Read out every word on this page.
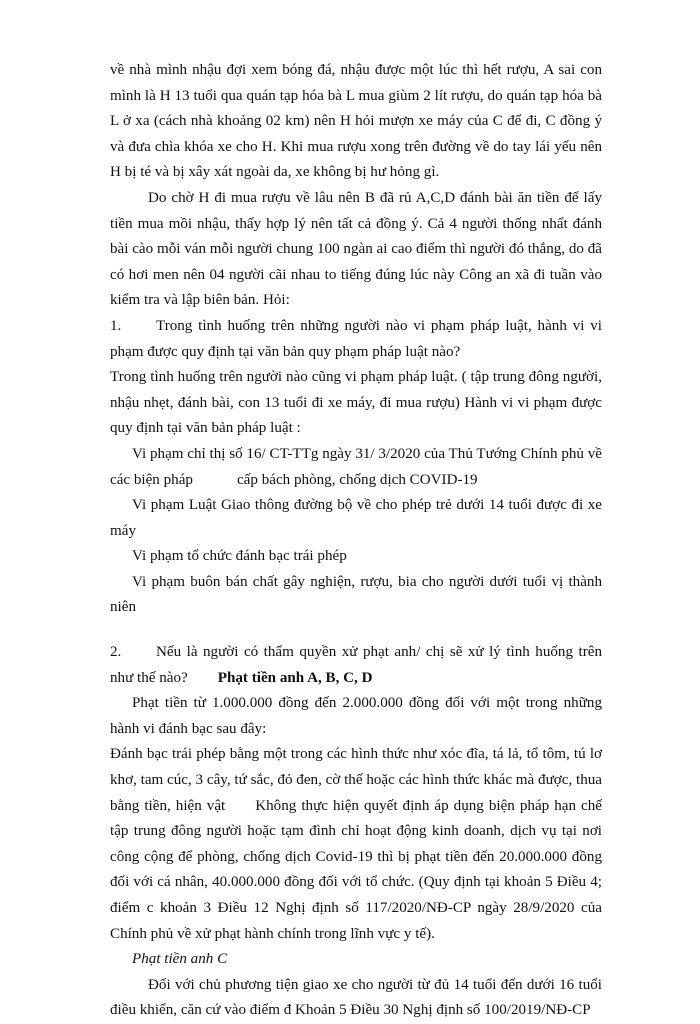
về nhà mình nhậu đợi xem bóng đá, nhậu được một lúc thì hết rượu, A sai con mình là H 13 tuổi qua quán tạp hóa bà L mua giùm 2 lít rượu, do quán tạp hóa bà L ở xa (cách nhà khoảng 02 km) nên H hỏi mượn xe máy của C để đi, C đồng ý và đưa chìa khóa xe cho H. Khi mua rượu xong trên đường về do tay lái yếu nên H bị té và bị xây xát ngoài da, xe không bị hư hỏng gì.

Do chờ H đi mua rượu về lâu nên B đã rủ A,C,D đánh bài ăn tiền để lấy tiền mua mồi nhậu, thấy hợp lý nên tất cả đồng ý. Cả 4 người thống nhất đánh bài cào mỗi ván mỗi người chung 100 ngàn ai cao điểm thì người đó thắng, do đã có hơi men nên 04 người cãi nhau to tiếng đúng lúc này Công an xã đi tuần vào kiểm tra và lập biên bản. Hỏi:

1. Trong tình huống trên những người nào vi phạm pháp luật, hành vi vi phạm được quy định tại văn bản quy phạm pháp luật nào?

Trong tình huống trên người nào cũng vi phạm pháp luật. ( tập trung đông người, nhậu nhẹt, đánh bài, con 13 tuổi đi xe máy, đi mua rượu) Hành vi vi phạm được quy định tại văn bản pháp luật :

Vi phạm chỉ thị số 16/ CT-TTg ngày 31/ 3/2020 của Thủ Tướng Chính phủ về các biện pháp	cấp bách phòng, chống dịch COVID-19

Vi phạm Luật Giao thông đường bộ về cho phép trẻ dưới 14 tuổi được đi xe máy

Vi phạm tổ chức đánh bạc trái phép

Vi phạm buôn bán chất gây nghiện, rượu, bia cho người dưới tuổi vị thành niên

2. Nếu là người có thẩm quyền xử phạt anh/ chị sẽ xử lý tình huống trên như thế nào? Phạt tiền anh A, B, C, D

Phạt tiền từ 1.000.000 đồng đến 2.000.000 đồng đối với một trong những hành vi đánh bạc sau đây:

Đánh bạc trái phép bằng một trong các hình thức như xóc đĩa, tá lả, tổ tôm, tú lơ khơ, tam cúc, 3 cây, tứ sắc, đỏ đen, cờ thế hoặc các hình thức khác mà được, thua bằng tiền, hiện vật Không thực hiện quyết định áp dụng biện pháp hạn chế tập trung đông người hoặc tạm đình chỉ hoạt động kinh doanh, dịch vụ tại nơi công cộng để phòng, chống dịch Covid-19 thì bị phạt tiền đến 20.000.000 đồng đối với cá nhân, 40.000.000 đồng đối với tổ chức. (Quy định tại khoản 5 Điều 4; điểm c khoản 3 Điều 12 Nghị định số 117/2020/NĐ-CP ngày 28/9/2020 của Chính phủ về xử phạt hành chính trong lĩnh vực y tế).

Phạt tiền anh C

Đối với chủ phương tiện giao xe cho người từ đủ 14 tuổi đến dưới 16 tuổi điều khiển, căn cứ vào điểm đ Khoản 5 Điều 30 Nghị định số 100/2019/NĐ-CP
